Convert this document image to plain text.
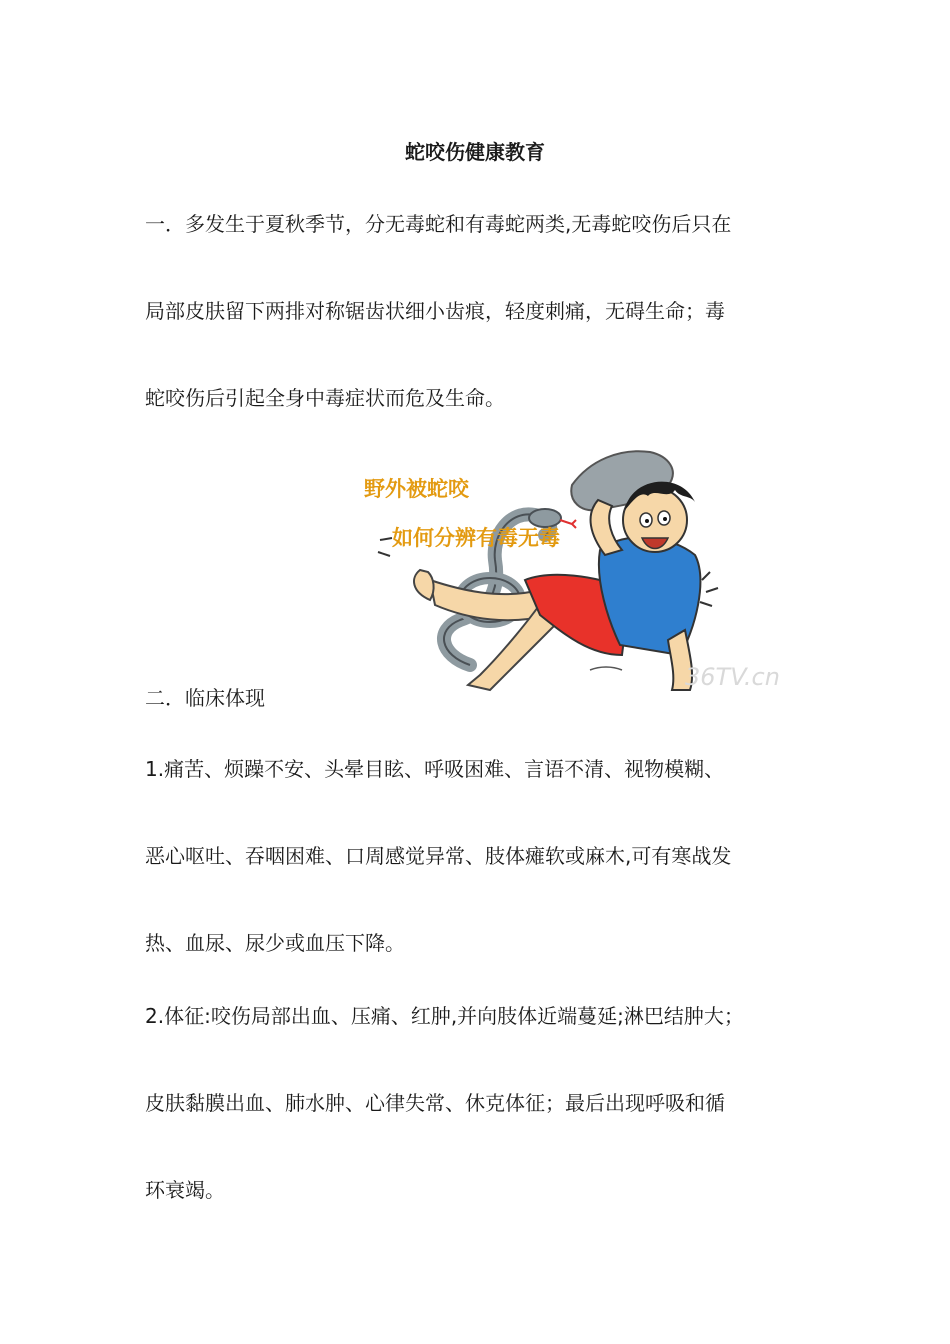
蛇咬伤健康教育
一．多发生于夏秋季节，分无毒蛇和有毒蛇两类,无毒蛇咬伤后只在
局部皮肤留下两排对称锯齿状细小齿痕，轻度刺痛，无碍生命；毒
蛇咬伤后引起全身中毒症状而危及生命。
野外被蛇咬
如何分辨有毒无毒
36TV.cn
二．临床体现
1.痛苦、烦躁不安、头晕目眩、呼吸困难、言语不清、视物模糊、
恶心呕吐、吞咽困难、口周感觉异常、肢体瘫软或麻木,可有寒战发
热、血尿、尿少或血压下降。
2.体征:咬伤局部出血、压痛、红肿,并向肢体近端蔓延;淋巴结肿大；
皮肤黏膜出血、肺水肿、心律失常、休克体征；最后出现呼吸和循
环衰竭。
